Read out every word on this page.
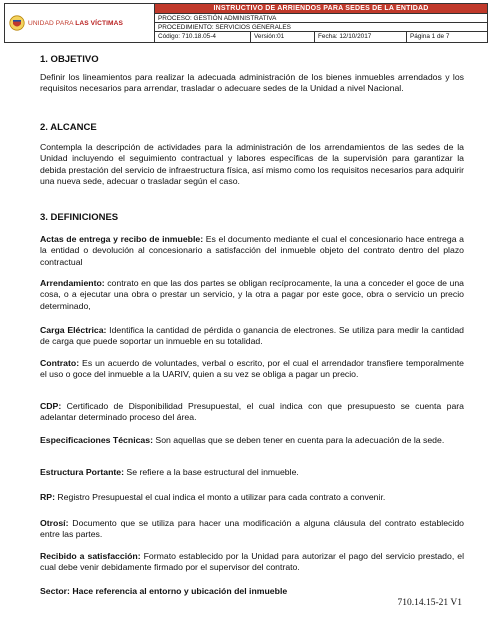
UNIDAD PARA LAS VÍCTIMAS
INSTRUCTIVO DE ARRIENDOS PARA SEDES DE LA ENTIDAD
PROCESO: GESTIÓN ADMINISTRATIVA
PROCEDIMIENTO: SERVICIOS GENERALES
Código: 710.18.05-4	Versión:01	Fecha: 12/10/2017	Página 1 de 7
1. OBJETIVO

Definir los lineamientos para realizar la adecuada administración de los bienes inmuebles arrendados y los requisitos necesarios para arrendar, trasladar o adecuare sedes de la Unidad a nivel Nacional.

2. ALCANCE

Contempla la descripción de actividades para la administración de los arrendamientos de las sedes de la Unidad incluyendo el seguimiento contractual y labores específicas de la supervisión para garantizar la debida prestación del servicio de infraestructura física, así mismo como los requisitos necesarios para adquirir una nueva sede, adecuar o trasladar según el caso.

3. DEFINICIONES

Actas de entrega y recibo de inmueble: Es el documento mediante el cual el concesionario hace entrega a la entidad o devolución al concesionario a satisfacción del inmueble objeto del contrato dentro del plazo contractual

Arrendamiento: contrato en que las dos partes se obligan recíprocamente, la una a conceder el goce de una cosa, o a ejecutar una obra o prestar un servicio, y la otra a pagar por este goce, obra o servicio un precio determinado,

Carga Eléctrica: Identifica la cantidad de pérdida o ganancia de electrones. Se utiliza para medir la cantidad de carga que puede soportar un inmueble en su totalidad.

Contrato: Es un acuerdo de voluntades, verbal o escrito, por el cual el arrendador transfiere temporalmente el uso o goce del inmueble a la UARIV, quien a su vez se obliga a pagar un precio.

CDP: Certificado de Disponibilidad Presupuestal, el cual indica con que presupuesto se cuenta para adelantar determinado proceso del área.

Especificaciones Técnicas: Son aquellas que se deben tener en cuenta para la adecuación de la sede.

Estructura Portante: Se refiere a la base estructural del inmueble.

RP: Registro Presupuestal el cual indica el monto a utilizar para cada contrato a convenir.

Otrosí: Documento que se utiliza para hacer una modificación a alguna cláusula del contrato establecido entre las partes.

Recibido a satisfacción: Formato establecido por la Unidad para autorizar el pago del servicio prestado, el cual debe venir debidamente firmado por el supervisor del contrato.

Sector: Hace referencia al entorno y ubicación del inmueble

710.14.15-21 V1
